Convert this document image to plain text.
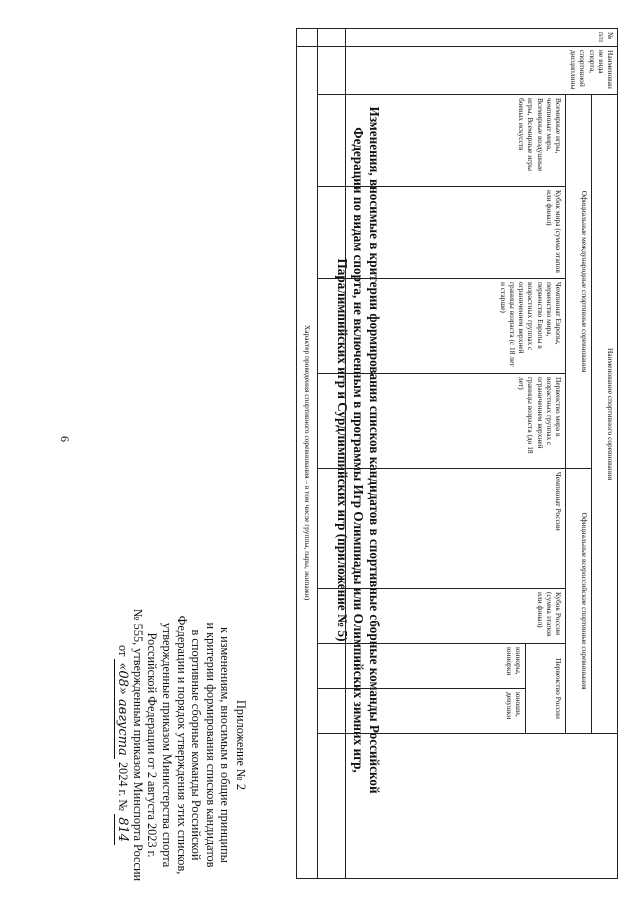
6
Приложение № 2
к изменениям, вносимым в общие принципы
и критерии формирования списков кандидатов
в спортивные сборные команды Российской
Федерации и порядок утверждения этих списков,
утвержденные приказом Министерства спорта
Российской Федерации от 2 августа 2023 г.
№ 555, утвержденным приказом Минспорта России
от «08» августа 2024 г. № 814
Изменения, вносимые в критерии формирования списков кандидатов в спортивные сборные команды Российской
Федерации по видам спорта, не включенным в программы Игр Олимпиады или Олимпийских зимних игр,
Паралимпийских игр и Сурдлимпийских игр (приложение № 5)
№ п/п	Наименование вида спорта, спортивной дисциплины	Наименование спортивного соревнования								
		Официальные международные спортивные соревнования				Официальные всероссийские спортивные соревнования				
		Всемирные игры, чемпионат мира, Всемирные воздушные игры, Всемирные игры боевых искусств	Кубок мира (сумма этапов или финал)	Чемпионат Европы, первенство мира, первенство Европы в возрастных группах с ограничением верхней границы возраста (с 18 лет и старше)	Первенство мира в возрастных группах с ограничением верхней границы возраста (до 18 лет)	Чемпионат России	Кубок России (сумма этапов или финал)	Первенство России		
								юниоры, юниорки	юноши, девушки	

	Характер проведения спортивного соревнования – в том числе группы, пары, экипажи)									
